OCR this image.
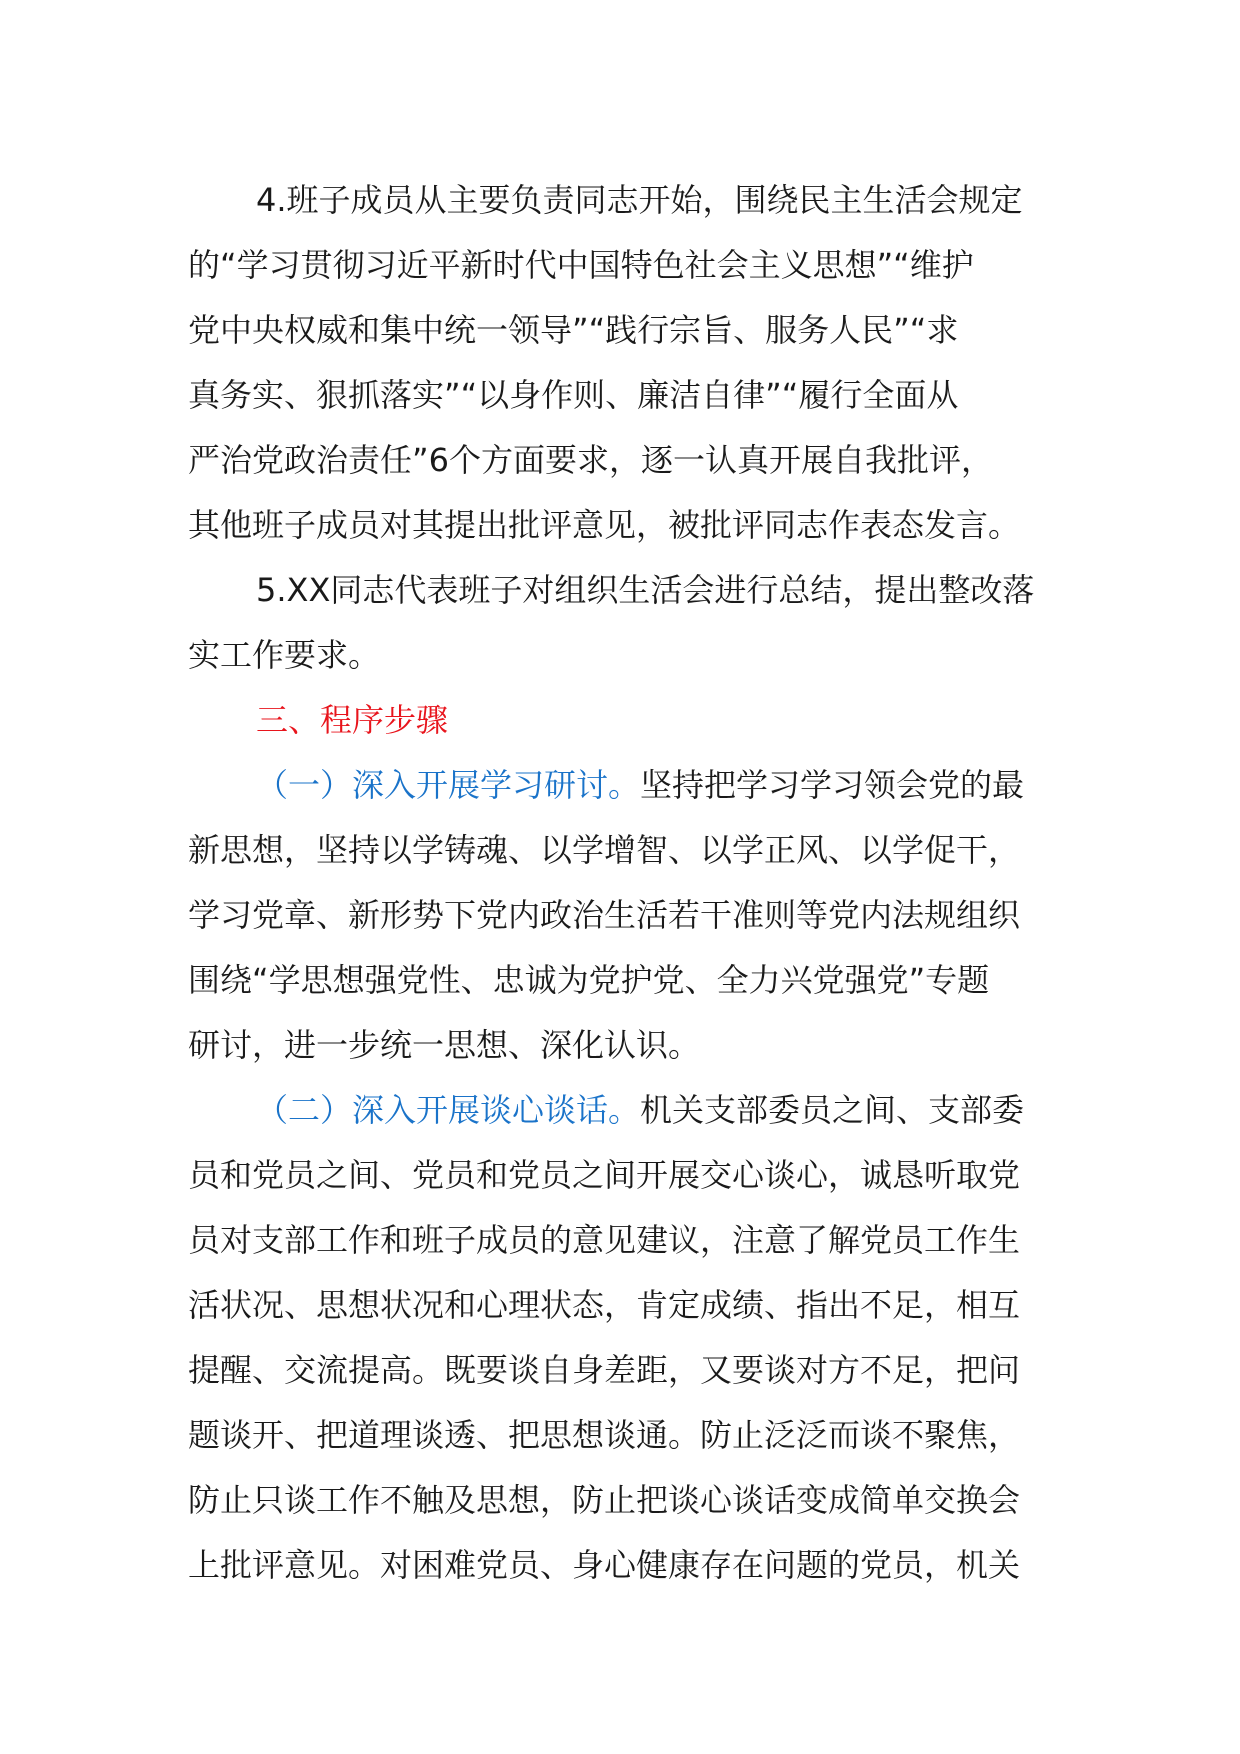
4.班子成员从主要负责同志开始，围绕民主生活会规定
的“学习贯彻习近平新时代中国特色社会主义思想”“维护
党中央权威和集中统一领导”“践行宗旨、服务人民”“求
真务实、狠抓落实”“以身作则、廉洁自律”“履行全面从
严治党政治责任”6个方面要求，逐一认真开展自我批评，
其他班子成员对其提出批评意见，被批评同志作表态发言。
5.XX同志代表班子对组织生活会进行总结，提出整改落
实工作要求。
三、程序步骤
（一）深入开展学习研讨。坚持把学习学习领会党的最
新思想，坚持以学铸魂、以学增智、以学正风、以学促干，
学习党章、新形势下党内政治生活若干准则等党内法规组织
围绕“学思想强党性、忠诚为党护党、全力兴党强党”专题
研讨，进一步统一思想、深化认识。
（二）深入开展谈心谈话。机关支部委员之间、支部委
员和党员之间、党员和党员之间开展交心谈心，诚恳听取党
员对支部工作和班子成员的意见建议，注意了解党员工作生
活状况、思想状况和心理状态，肯定成绩、指出不足，相互
提醒、交流提高。既要谈自身差距，又要谈对方不足，把问
题谈开、把道理谈透、把思想谈通。防止泛泛而谈不聚焦，
防止只谈工作不触及思想，防止把谈心谈话变成简单交换会
上批评意见。对困难党员、身心健康存在问题的党员，机关
